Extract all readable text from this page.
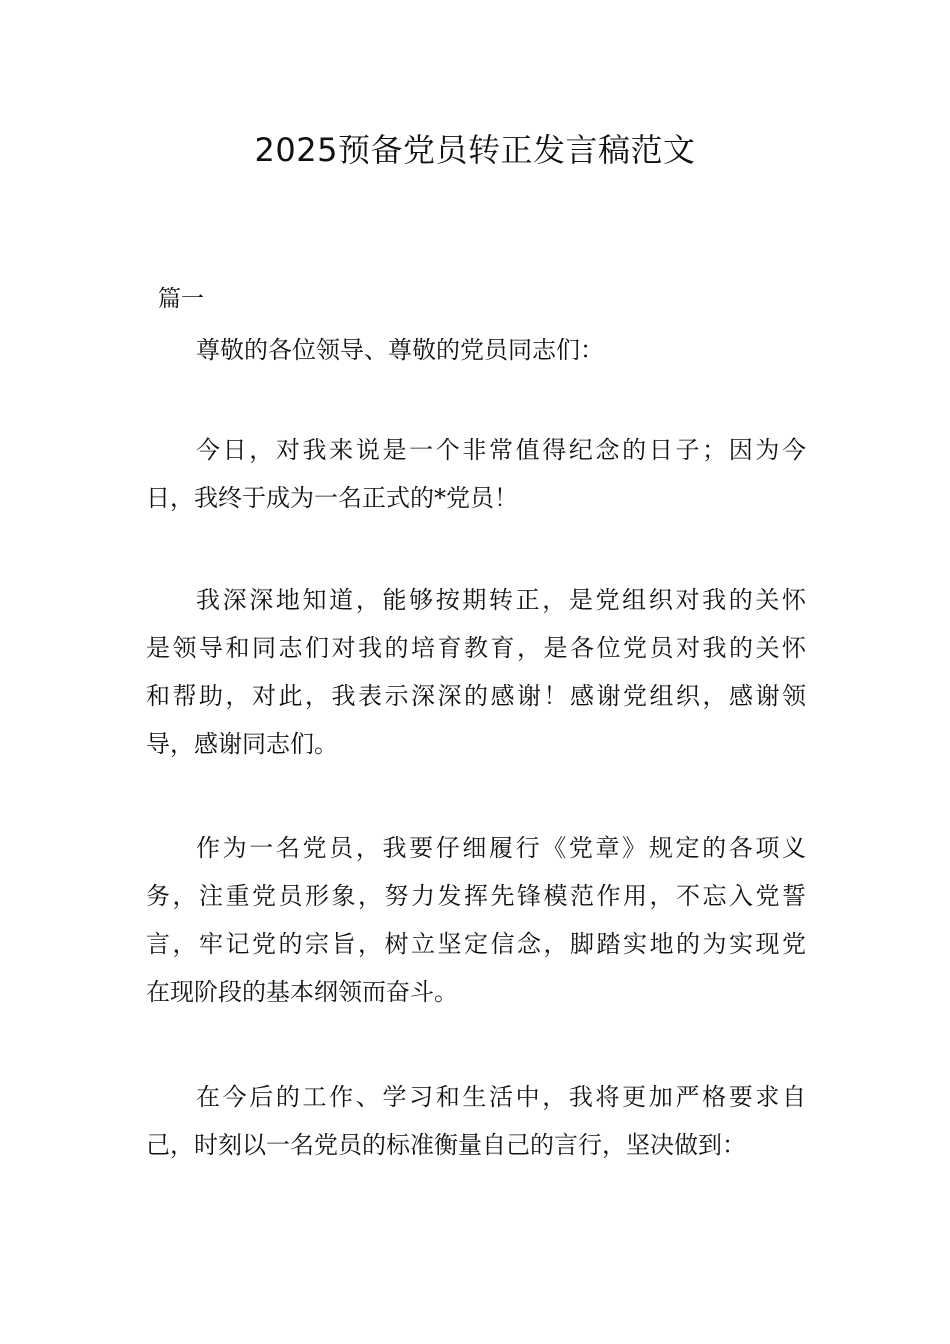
2025预备党员转正发言稿范文
篇一
尊敬的各位领导、尊敬的党员同志们：
今日，对我来说是一个非常值得纪念的日子；因为今
日，我终于成为一名正式的*党员！
我深深地知道，能够按期转正，是党组织对我的关怀
是领导和同志们对我的培育教育，是各位党员对我的关怀
和帮助，对此，我表示深深的感谢！感谢党组织，感谢领
导，感谢同志们。
作为一名党员，我要仔细履行《党章》规定的各项义
务，注重党员形象，努力发挥先锋模范作用，不忘入党誓
言，牢记党的宗旨，树立坚定信念，脚踏实地的为实现党
在现阶段的基本纲领而奋斗。
在今后的工作、学习和生活中，我将更加严格要求自
己，时刻以一名党员的标准衡量自己的言行，坚决做到：
